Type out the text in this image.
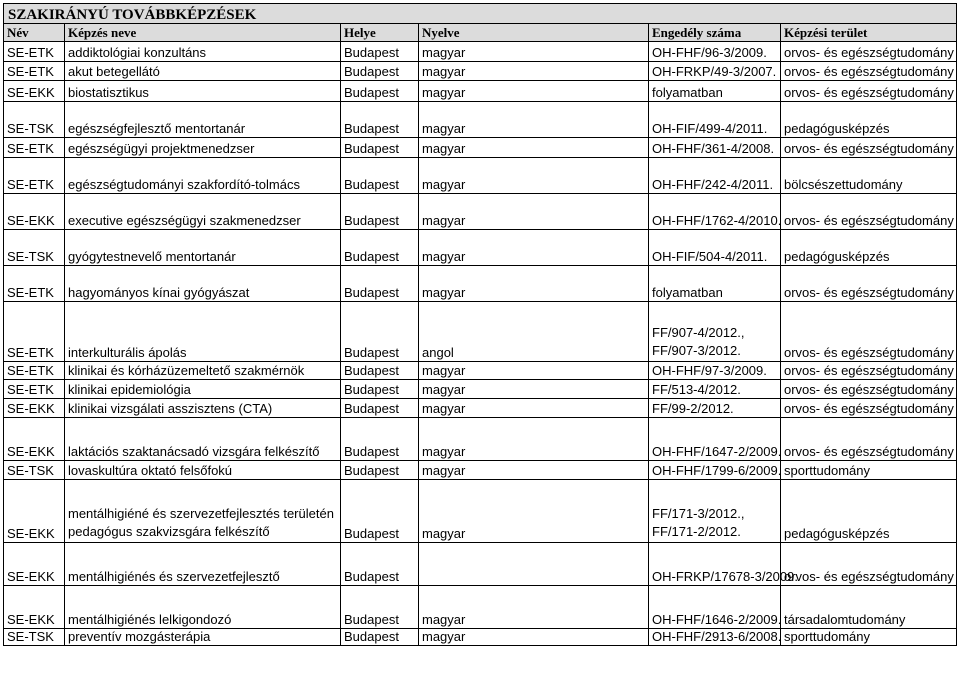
SZAKIRÁNYÚ TOVÁBBKÉPZÉSEK					
Név	Képzés neve	Helye	Nyelve	Engedély száma	Képzési terület
SE-ETK	addiktológiai konzultáns	Budapest	magyar	OH-FHF/96-3/2009.	orvos- és egészségtudomány
SE-ETK	akut betegellátó	Budapest	magyar	OH-FRKP/49-3/2007.	orvos- és egészségtudomány
SE-EKK	biostatisztikus	Budapest	magyar	folyamatban	orvos- és egészségtudomány
SE-TSK	egészségfejlesztő mentortanár	Budapest	magyar	OH-FIF/499-4/2011.	pedagógusképzés
SE-ETK	egészségügyi projektmenedzser	Budapest	magyar	OH-FHF/361-4/2008.	orvos- és egészségtudomány
SE-ETK	egészségtudományi szakfordító-tolmács	Budapest	magyar	OH-FHF/242-4/2011.	bölcsészettudomány
SE-EKK	executive egészségügyi szakmenedzser	Budapest	magyar	OH-FHF/1762-4/2010.	orvos- és egészségtudomány
SE-TSK	gyógytestnevelő mentortanár	Budapest	magyar	OH-FIF/504-4/2011.	pedagógusképzés
SE-ETK	hagyományos kínai gyógyászat	Budapest	magyar	folyamatban	orvos- és egészségtudomány
SE-ETK	interkulturális ápolás	Budapest	angol	FF/907-4/2012., FF/907-3/2012.	orvos- és egészségtudomány
SE-ETK	klinikai és kórházüzemeltető szakmérnök	Budapest	magyar	OH-FHF/97-3/2009.	orvos- és egészségtudomány
SE-ETK	klinikai epidemiológia	Budapest	magyar	FF/513-4/2012.	orvos- és egészségtudomány
SE-EKK	klinikai vizsgálati asszisztens (CTA)	Budapest	magyar	FF/99-2/2012.	orvos- és egészségtudomány
SE-EKK	laktációs szaktanácsadó vizsgára felkészítő	Budapest	magyar	OH-FHF/1647-2/2009.	orvos- és egészségtudomány
SE-TSK	lovaskultúra oktató felsőfokú	Budapest	magyar	OH-FHF/1799-6/2009.	sporttudomány
SE-EKK	mentálhigiéné és szervezetfejlesztés területén pedagógus szakvizsgára felkészítő	Budapest	magyar	FF/171-3/2012., FF/171-2/2012.	pedagógusképzés
SE-EKK	mentálhigiénés és szervezetfejlesztő	Budapest		OH-FRKP/17678-3/2009.	orvos- és egészségtudomány
SE-EKK	mentálhigiénés lelkigondozó	Budapest	magyar	OH-FHF/1646-2/2009.	társadalomtudomány
SE-TSK	preventív mozgásterápia	Budapest	magyar	OH-FHF/2913-6/2008.	sporttudomány
